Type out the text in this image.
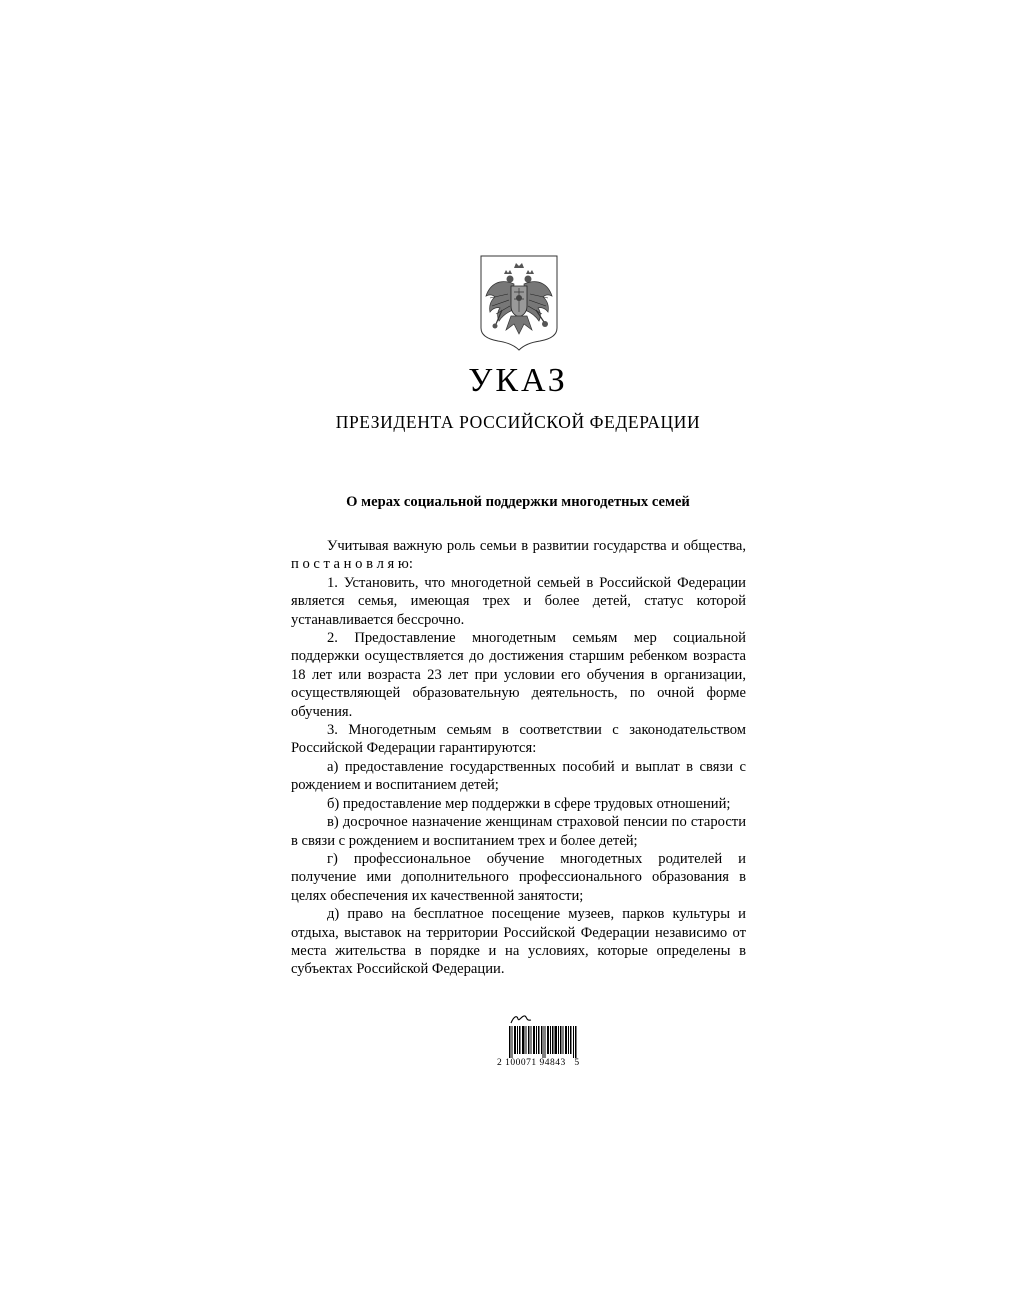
УКАЗ
ПРЕЗИДЕНТА РОССИЙСКОЙ ФЕДЕРАЦИИ
О мерах социальной поддержки многодетных семей

Учитывая важную роль семьи в развитии государства и общества, п о с т а н о в л я ю:

1. Установить, что многодетной семьей в Российской Федерации является семья, имеющая трех и более детей, статус которой устанавливается бессрочно.

2. Предоставление многодетным семьям мер социальной поддержки осуществляется до достижения старшим ребенком возраста 18 лет или возраста 23 лет при условии его обучения в организации, осуществляющей образовательную деятельность, по очной форме обучения.

3. Многодетным семьям в соответствии с законодательством Российской Федерации гарантируются:

а) предоставление государственных пособий и выплат в связи с рождением и воспитанием детей;

б) предоставление мер поддержки в сфере трудовых отношений;

в) досрочное назначение женщинам страховой пенсии по старости в связи с рождением и воспитанием трех и более детей;

г) профессиональное обучение многодетных родителей и получение ими дополнительного профессионального образования в целях обеспечения их качественной занятости;

д) право на бесплатное посещение музеев, парков культуры и отдыха, выставок на территории Российской Федерации независимо от места жительства в порядке и на условиях, которые определены в субъектах Российской Федерации.

2 100071 94843   5
